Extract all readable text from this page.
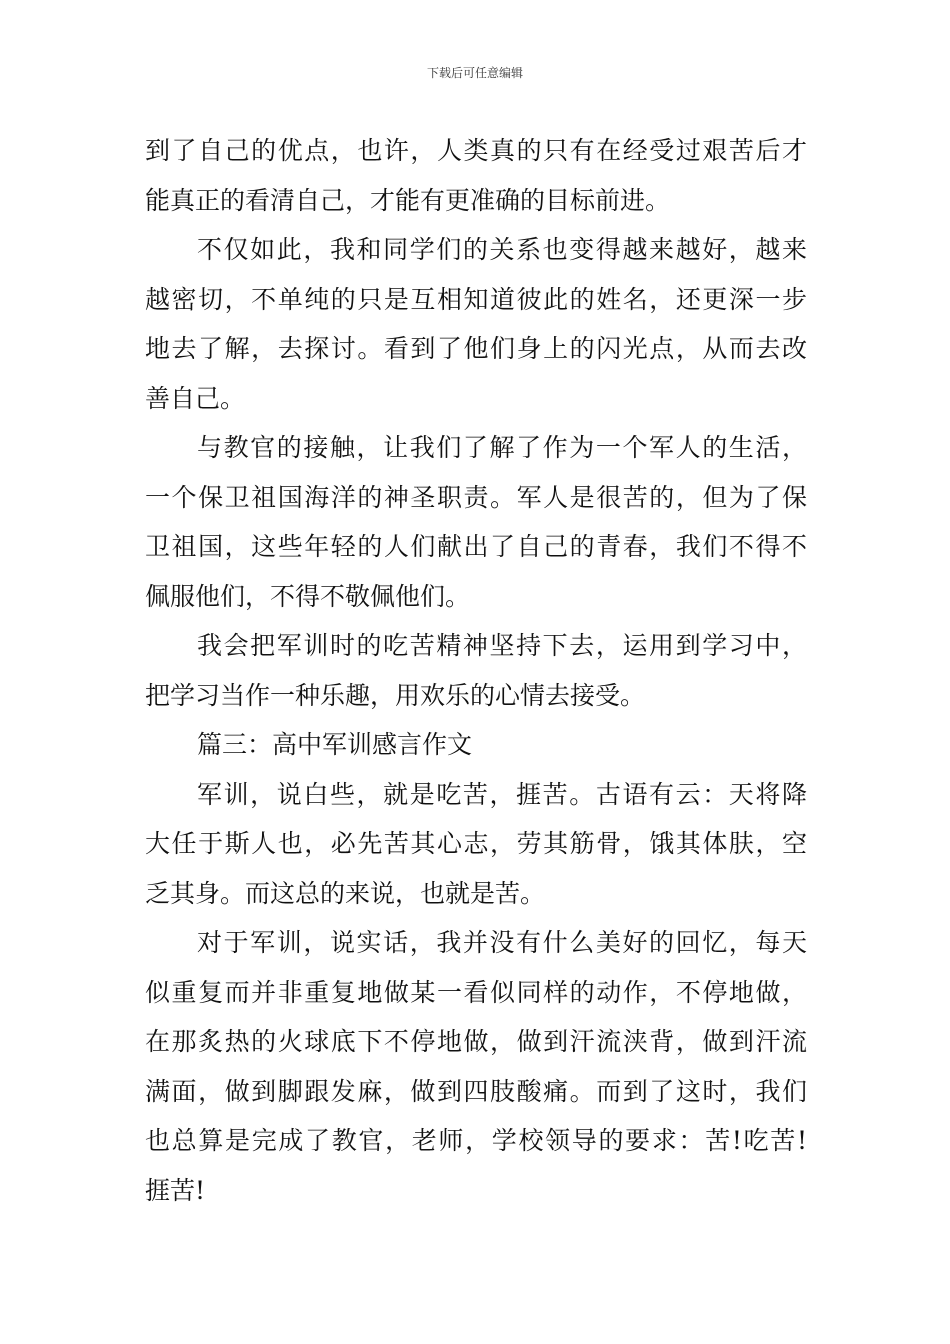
下载后可任意编辑
到了自己的优点，也许，人类真的只有在经受过艰苦后才
能真正的看清自己，才能有更准确的目标前进。
不仅如此，我和同学们的关系也变得越来越好，越来
越密切，不单纯的只是互相知道彼此的姓名，还更深一步
地去了解，去探讨。看到了他们身上的闪光点，从而去改
善自己。
与教官的接触，让我们了解了作为一个军人的生活，
一个保卫祖国海洋的神圣职责。军人是很苦的，但为了保
卫祖国，这些年轻的人们献出了自己的青春，我们不得不
佩服他们，不得不敬佩他们。
我会把军训时的吃苦精神坚持下去，运用到学习中，
把学习当作一种乐趣，用欢乐的心情去接受。
篇三：高中军训感言作文
军训，说白些，就是吃苦，捱苦。古语有云：天将降
大任于斯人也，必先苦其心志，劳其筋骨，饿其体肤，空
乏其身。而这总的来说，也就是苦。
对于军训，说实话，我并没有什么美好的回忆，每天
似重复而并非重复地做某一看似同样的动作，不停地做，
在那炙热的火球底下不停地做，做到汗流浃背，做到汗流
满面，做到脚跟发麻，做到四肢酸痛。而到了这时，我们
也总算是完成了教官，老师，学校领导的要求：苦!吃苦!
捱苦!
